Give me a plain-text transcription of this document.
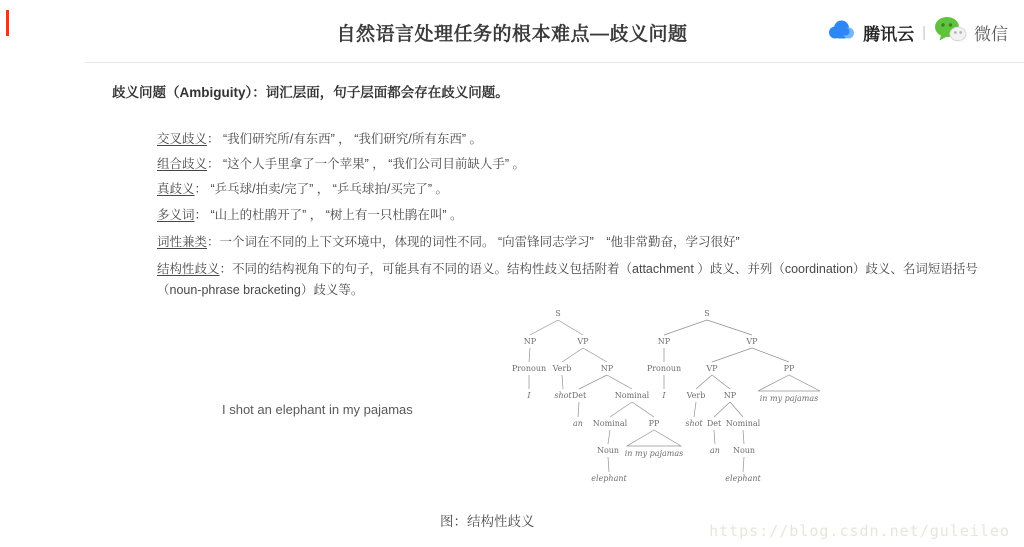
自然语言处理任务的根本难点—歧义问题	腾讯云 |	微信

歧义问题（Ambiguity）：词汇层面，句子层面都会存在歧义问题。

交叉歧义： “我们研究所/有东西” ， “我们研究/所有东西” 。
组合歧义： “这个人手里拿了一个苹果” ， “我们公司目前缺人手” 。
真歧义： “乒乓球/拍卖/完了” ， “乒乓球拍/买完了” 。
多义词： “山上的杜鹃开了” ， “树上有一只杜鹃在叫” 。
词性兼类：一个词在不同的上下文环境中，体现的词性不同。 “向雷锋同志学习”　“他非常勤奋，学习很好”
结构性歧义：不同的结构视角下的句子，可能具有不同的语义。结构性歧义包括附着（attachment ）歧义、并列（coordination）歧义、名词短语括号
（noun-phrase bracketing）歧义等。
I shot an elephant in my pajamas
in my pajamas
S
NP	VP
Pronoun Verb	NP
I	shot Det	Nominal
an Nominal	PP
Noun
elephant
in my pajamas
S
NP	VP
Pronoun	VP	PP
I	Verb NP
shot Det Nominal
an Noun
elephant
图：结构性歧义
https://blog.csdn.net/guleileo
